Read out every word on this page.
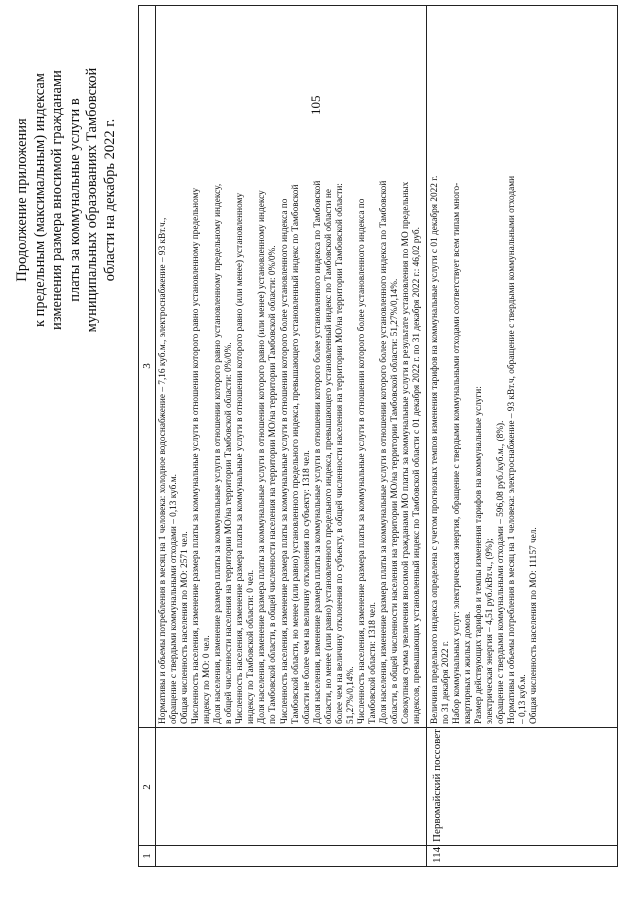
105
Продолжение приложения к предельным (максимальным) индексам изменения размера вносимой гражданами платы за коммунальные услуги в муниципальных образованиях Тамбовской области на декабрь 2022 г.
1
2
3 Нормативы и объемы потребления в месяц на 1 человека: холодное водоснабжение – 7,16 куб.м., электроснабжение – 93 кВт.ч., обращение с твердыми коммунальными отходами – 0,13 куб.м. Общая численность населения по МО: 2571 чел. Численность населения, изменение размера платы за коммунальные услуги в отношении которого равно установленному предельному индексу по МО: 0 чел. Доля населения, изменение размера платы за коммунальные услуги в отношении которого равно установленному предельному индексу, в общей численности населения на территории МО/на территории Тамбовской области: 0%/0%. Численность населения, изменение размера платы за коммунальные услуги в отношении которого равно (или менее) установленному индексу по Тамбовской области: 0 чел. Доля населения, изменение размера платы за коммунальные услуги в отношении которого равно (или менее) установленному индексу по Тамбовской области, в общей численности населения на территории МО/на территории Тамбовской области: 0%/0%. Численность населения, изменение размера платы за коммунальные услуги в отношении которого более установленного индекса по Тамбовской области, но менее (или равно) установленного предельного индекса, превышающего установленный индекс по Тамбовской области не более чем на величину отклонения по субъекту: 1318 чел. Доля населения, изменение размера платы за коммунальные услуги в отношении которого более установленного индекса по Тамбовской области, но менее (или равно) установленного предельного индекса, превышающего установленный индекс по Тамбовской области не более чем на величину отклонения по субъекту, в общей численности населения на территории МО/на территории Тамбовской области: 51,27%/0,14%. Численность населения, изменение размера платы за коммунальные услуги в отношении которого более установленного индекса по Тамбовской области: 1318 чел. Доля населения, изменение размера платы за коммунальные услуги в отношении которого более установленного индекса по Тамбовской области, в общей численности населения на территории МО/на территории Тамбовской области: 51,27%/0,14%. Совокупная сумма увеличения вносимой гражданами МО платы за коммунальные услуги в результате установления по МО предельных индексов, превышающих установленный индекс по Тамбовской области с 01 декабря 2022 г. по 31 декабря 2022 г.: 46,02 руб.
114
Первомайский поссовет
Величина предельного индекса определена с учетом прогнозных темпов изменения тарифов на коммунальные услуги с 01 декабря 2022 г. по 31 декабря 2022 г. Набор коммунальных услуг: электрическая энергия, обращение с твердыми коммунальными отходами соответствует всем типам много- квартирных и жилых домов. Размер действующих тарифов и темпы изменения тарифов на коммунальные услуги: электрическая энергия – 4,51 руб./кВт.ч., (9%); обращение с твердыми коммунальными отходами – 596,08 руб./куб.м., (8%). Нормативы и объемы потребления в месяц на 1 человека: электроснабжение – 93 кВт.ч, обращение с твердыми коммунальными отходами – 0,13 куб.м. Общая численность населения по МО: 11157 чел.
